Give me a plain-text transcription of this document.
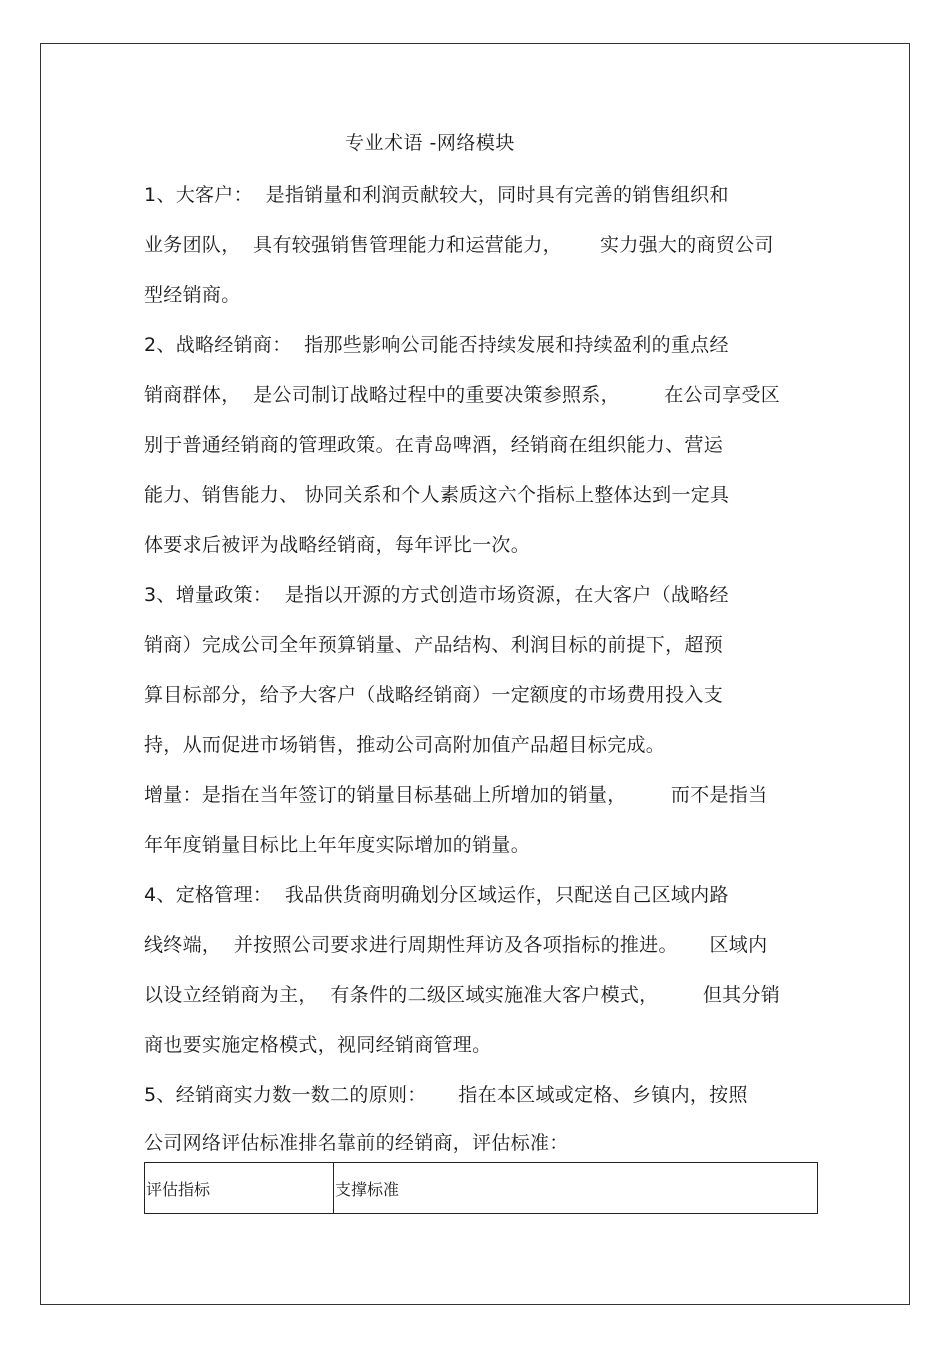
专业术语 -网络模块
1、大客户：  是指销量和利润贡献较大，同时具有完善的销售组织和
业务团队，  具有较强销售管理能力和运营能力，      实力强大的商贸公司
型经销商。
2、战略经销商：  指那些影响公司能否持续发展和持续盈利的重点经
销商群体，  是公司制订战略过程中的重要决策参照系，       在公司享受区
别于普通经销商的管理政策。在青岛啤酒，经销商在组织能力、营运
能力、销售能力、 协同关系和个人素质这六个指标上整体达到一定具
体要求后被评为战略经销商，每年评比一次。
3、增量政策：  是指以开源的方式创造市场资源，在大客户（战略经
销商）完成公司全年预算销量、产品结构、利润目标的前提下，超预
算目标部分，给予大客户（战略经销商）一定额度的市场费用投入支
持，从而促进市场销售，推动公司高附加值产品超目标完成。
增量：是指在当年签订的销量目标基础上所增加的销量，       而不是指当
年年度销量目标比上年年度实际增加的销量。
4、定格管理：  我品供货商明确划分区域运作，只配送自己区域内路
线终端，  并按照公司要求进行周期性拜访及各项指标的推进。     区域内
以设立经销商为主，  有条件的二级区域实施准大客户模式，       但其分销
商也要实施定格模式，视同经销商管理。
5、经销商实力数一数二的原则：     指在本区域或定格、乡镇内，按照
公司网络评估标准排名靠前的经销商，评估标准：
评估指标	支撑标准
